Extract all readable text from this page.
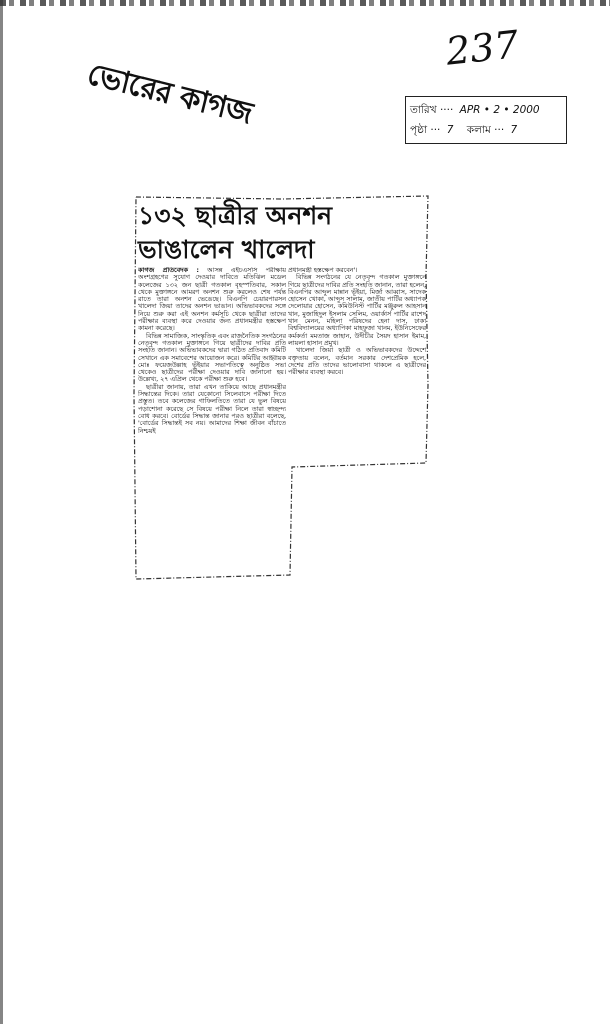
ভোরের কাগজ
237
তারিখ ···· APR • 2 • 2000
পৃষ্ঠা ··· 7 কলাম ··· 7
১৩২ ছাত্রীর অনশন
ভাঙালেন খালেদা

কাগজ প্রতিবেদক : আসন্ন এইচএসসি পরীক্ষায় অংশগ্রহণের সুযোগ দেওয়ার দাবিতে মতিঝিল মডেল কলেজের ১৩২ জন ছাত্রী গতকাল বৃহস্পতিবার, সকাল থেকে মুক্তাঙ্গনে আমরণ অনশন শুরু করলেও শেষ পর্যন্ত রাতে তারা অনশন ভেঙেছে। বিএনপি চেয়ারপারসন খালেদা জিয়া তাদের অনশন ভাঙান। অভিভাবকদের সঙ্গে নিয়ে শুরু করা এই অনশন কর্মসূচি থেকে ছাত্রীরা তাদের পরীক্ষার ব্যবস্থা করে দেওয়ার জন্য প্রধানমন্ত্রীর হস্তক্ষেপ কামনা করেছে।

বিভিন্ন সামাজিক, সাংস্কৃতিক এবং রাজনৈতিক সংগঠনের নেতৃবৃন্দ গতকাল মুক্তাঙ্গনে গিয়ে ছাত্রীদের দাবির প্রতি সংহতি জানান। অভিভাবকদের দ্বারা গঠিত প্রতিবাদ কমিটি সেখানে এক সমাবেশের আয়োজন করে। কমিটির আহ্বায়ক মোঃ ফয়েজউল্লাহ ভূঁইয়ার সভাপতিত্বে অনুষ্ঠিত সভা থেকেও ছাত্রীদের পরীক্ষা দেওয়ার দাবি জানানো হয়। উল্লেখ্য, ২৭ এপ্রিল থেকে পরীক্ষা শুরু হবে।

ছাত্রীরা জানায়, তারা এখন তাকিয়ে আছে প্রধানমন্ত্রীর সিদ্ধান্তের দিকে। তারা যেকোনো সিলেবাসে পরীক্ষা দিতে প্রস্তুত। তবে কলেজের গাফিলতিতে তারা যে ভুল বিষয়ে পড়াশোনা করেছে সে বিষয়ে পরীক্ষা নিলে তারা স্বাচ্ছন্দ্য বোধ করবে। বোর্ডের সিদ্ধান্ত জানার পরও ছাত্রীরা বলেছে, 'বোর্ডের সিদ্ধান্তই সব নয়। আমাদের শিক্ষা জীবন বাঁচাতে নিশ্চয়ই

প্রধানমন্ত্রী হস্তক্ষেপ করবেন'।

বিভিন্ন সংগঠনের যে নেতৃবৃন্দ গতকাল মুক্তাঙ্গনে গিয়ে ছাত্রীদের দাবির প্রতি সংহতি জানান, তারা হলেন, বিএনপির আব্দুল মান্নান ভূঁইয়া, মির্জা আব্বাস, সাদেক হোসেন খোকা, আব্দুস সালাম, জাতীয় পার্টির অধ্যাপক দেলোয়ার হোসেন, কমিউনিস্ট পার্টির মঞ্জুরুল আহসান খান, মুজাহিদুল ইসলাম সেলিম, ওয়ার্কার্স পার্টির রাশেদ খান মেনন, মহিলা পরিষদের হেনা দাস, ঢাকা বিশ্ববিদ্যালয়ের অধ্যাপিকা মাহফুজা খানম, ইউনিসেফের কর্মকর্তা মমতাজ জাহান, উদীচীর সৈয়দ হাসান ইমাম, লায়লা হাসান প্রমুখ।

খালেদা জিয়া ছাত্রী ও অভিভাবকদের উদ্দেশে বক্তৃতায় বলেন, বর্তমান সরকার দেশপ্রেমিক হলে, দেশের প্রতি তাদের ভালোবাসা থাকলে এ ছাত্রীদের পরীক্ষার ব্যবস্থা করবে।
